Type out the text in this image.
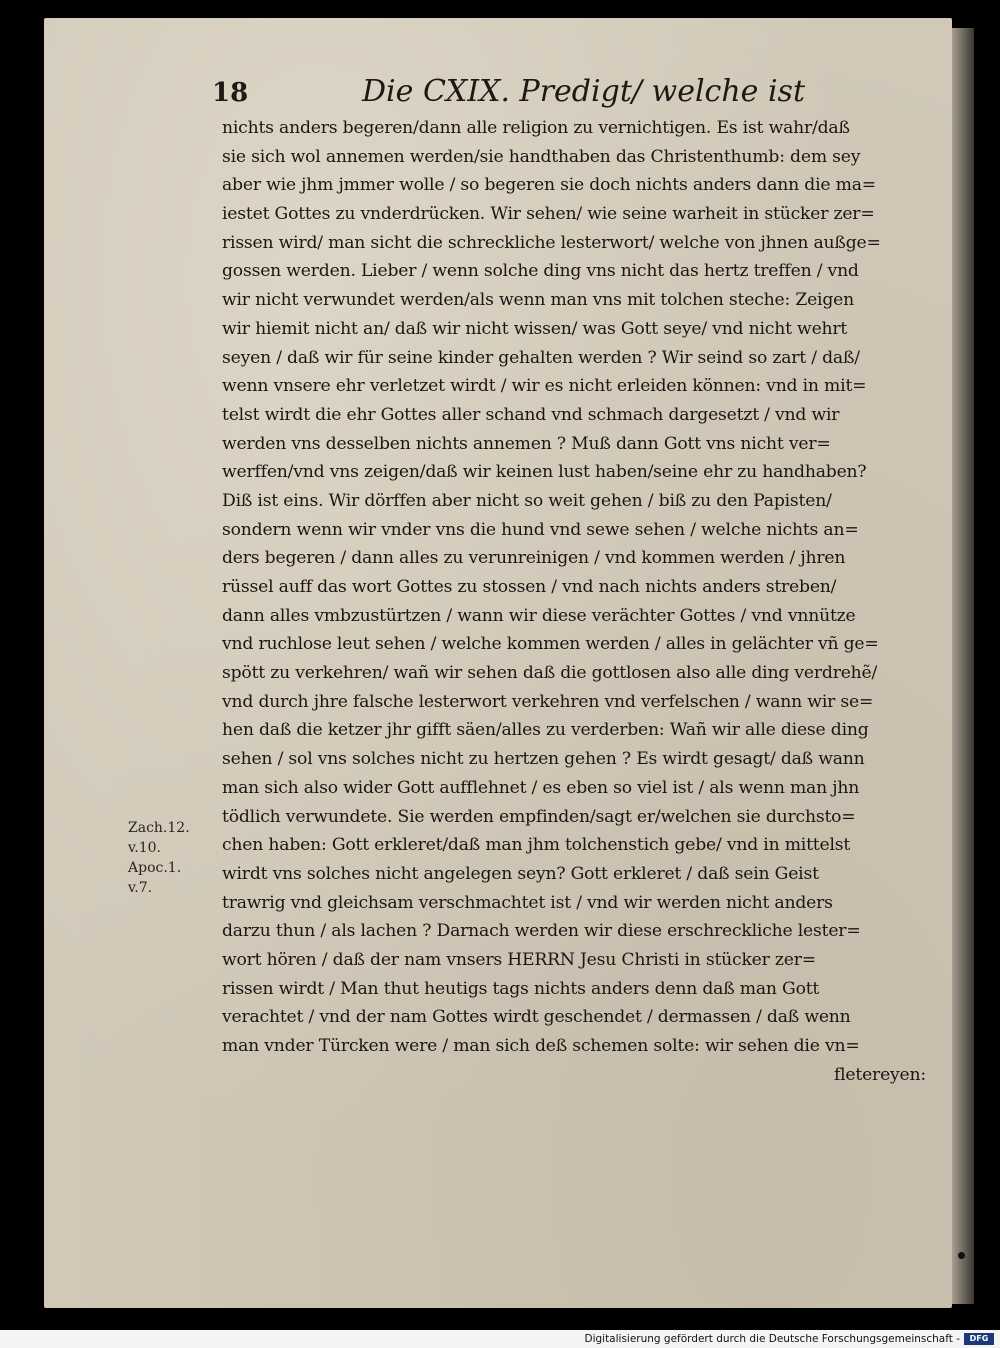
18	Die CXIX. Predigt/ welche ist
nichts anders begeren/dann alle religion zu vernichtigen. Es ist wahr/daß
sie sich wol annemen werden/sie handthaben das Christenthumb: dem sey
aber wie jhm jmmer wolle / so begeren sie doch nichts anders dann die ma=
iestet Gottes zu vnderdrücken. Wir sehen/ wie seine warheit in stücker zer=
rissen wird/ man sicht die schreckliche lesterwort/ welche von jhnen außge=
gossen werden. Lieber / wenn solche ding vns nicht das hertz treffen / vnd
wir nicht verwundet werden/als wenn man vns mit tolchen steche: Zeigen
wir hiemit nicht an/ daß wir nicht wissen/ was Gott seye/ vnd nicht wehrt
seyen / daß wir für seine kinder gehalten werden ? Wir seind so zart / daß/
wenn vnsere ehr verletzet wirdt / wir es nicht erleiden können: vnd in mit=
telst wirdt die ehr Gottes aller schand vnd schmach dargesetzt / vnd wir
werden vns desselben nichts annemen ? Muß dann Gott vns nicht ver=
werffen/vnd vns zeigen/daß wir keinen lust haben/seine ehr zu handhaben?
Diß ist eins. Wir dörffen aber nicht so weit gehen / biß zu den Papisten/
sondern wenn wir vnder vns die hund vnd sewe sehen / welche nichts an=
ders begeren / dann alles zu verunreinigen / vnd kommen werden / jhren
rüssel auff das wort Gottes zu stossen / vnd nach nichts anders streben/
dann alles vmbzustürtzen / wann wir diese verächter Gottes / vnd vnnütze
vnd ruchlose leut sehen / welche kommen werden / alles in gelächter vñ ge=
spött zu verkehren/ wañ wir sehen daß die gottlosen also alle ding verdrehẽ/
vnd durch jhre falsche lesterwort verkehren vnd verfelschen / wann wir se=
hen daß die ketzer jhr gifft säen/alles zu verderben: Wañ wir alle diese ding
sehen / sol vns solches nicht zu hertzen gehen ? Es wirdt gesagt/ daß wann
man sich also wider Gott aufflehnet / es eben so viel ist / als wenn man jhn
tödlich verwundete. Sie werden empfinden/sagt er/welchen sie durchsto=
chen haben: Gott erkleret/daß man jhm tolchenstich gebe/ vnd in mittelst
wirdt vns solches nicht angelegen seyn? Gott erkleret / daß sein Geist
trawrig vnd gleichsam verschmachtet ist / vnd wir werden nicht anders
darzu thun / als lachen ? Darnach werden wir diese erschreckliche lester=
wort hören / daß der nam vnsers HERRN Jesu Christi in stücker zer=
rissen wirdt / Man thut heutigs tags nichts anders denn daß man Gott
verachtet / vnd der nam Gottes wirdt geschendet / dermassen / daß wenn
man vnder Türcken were / man sich deß schemen solte: wir sehen die vn=
fletereyen:
Zach.12.
v.10.
Apoc.1.
v.7.
Digitalisierung gefördert durch die Deutsche Forschungsgemeinschaft -	DFG
